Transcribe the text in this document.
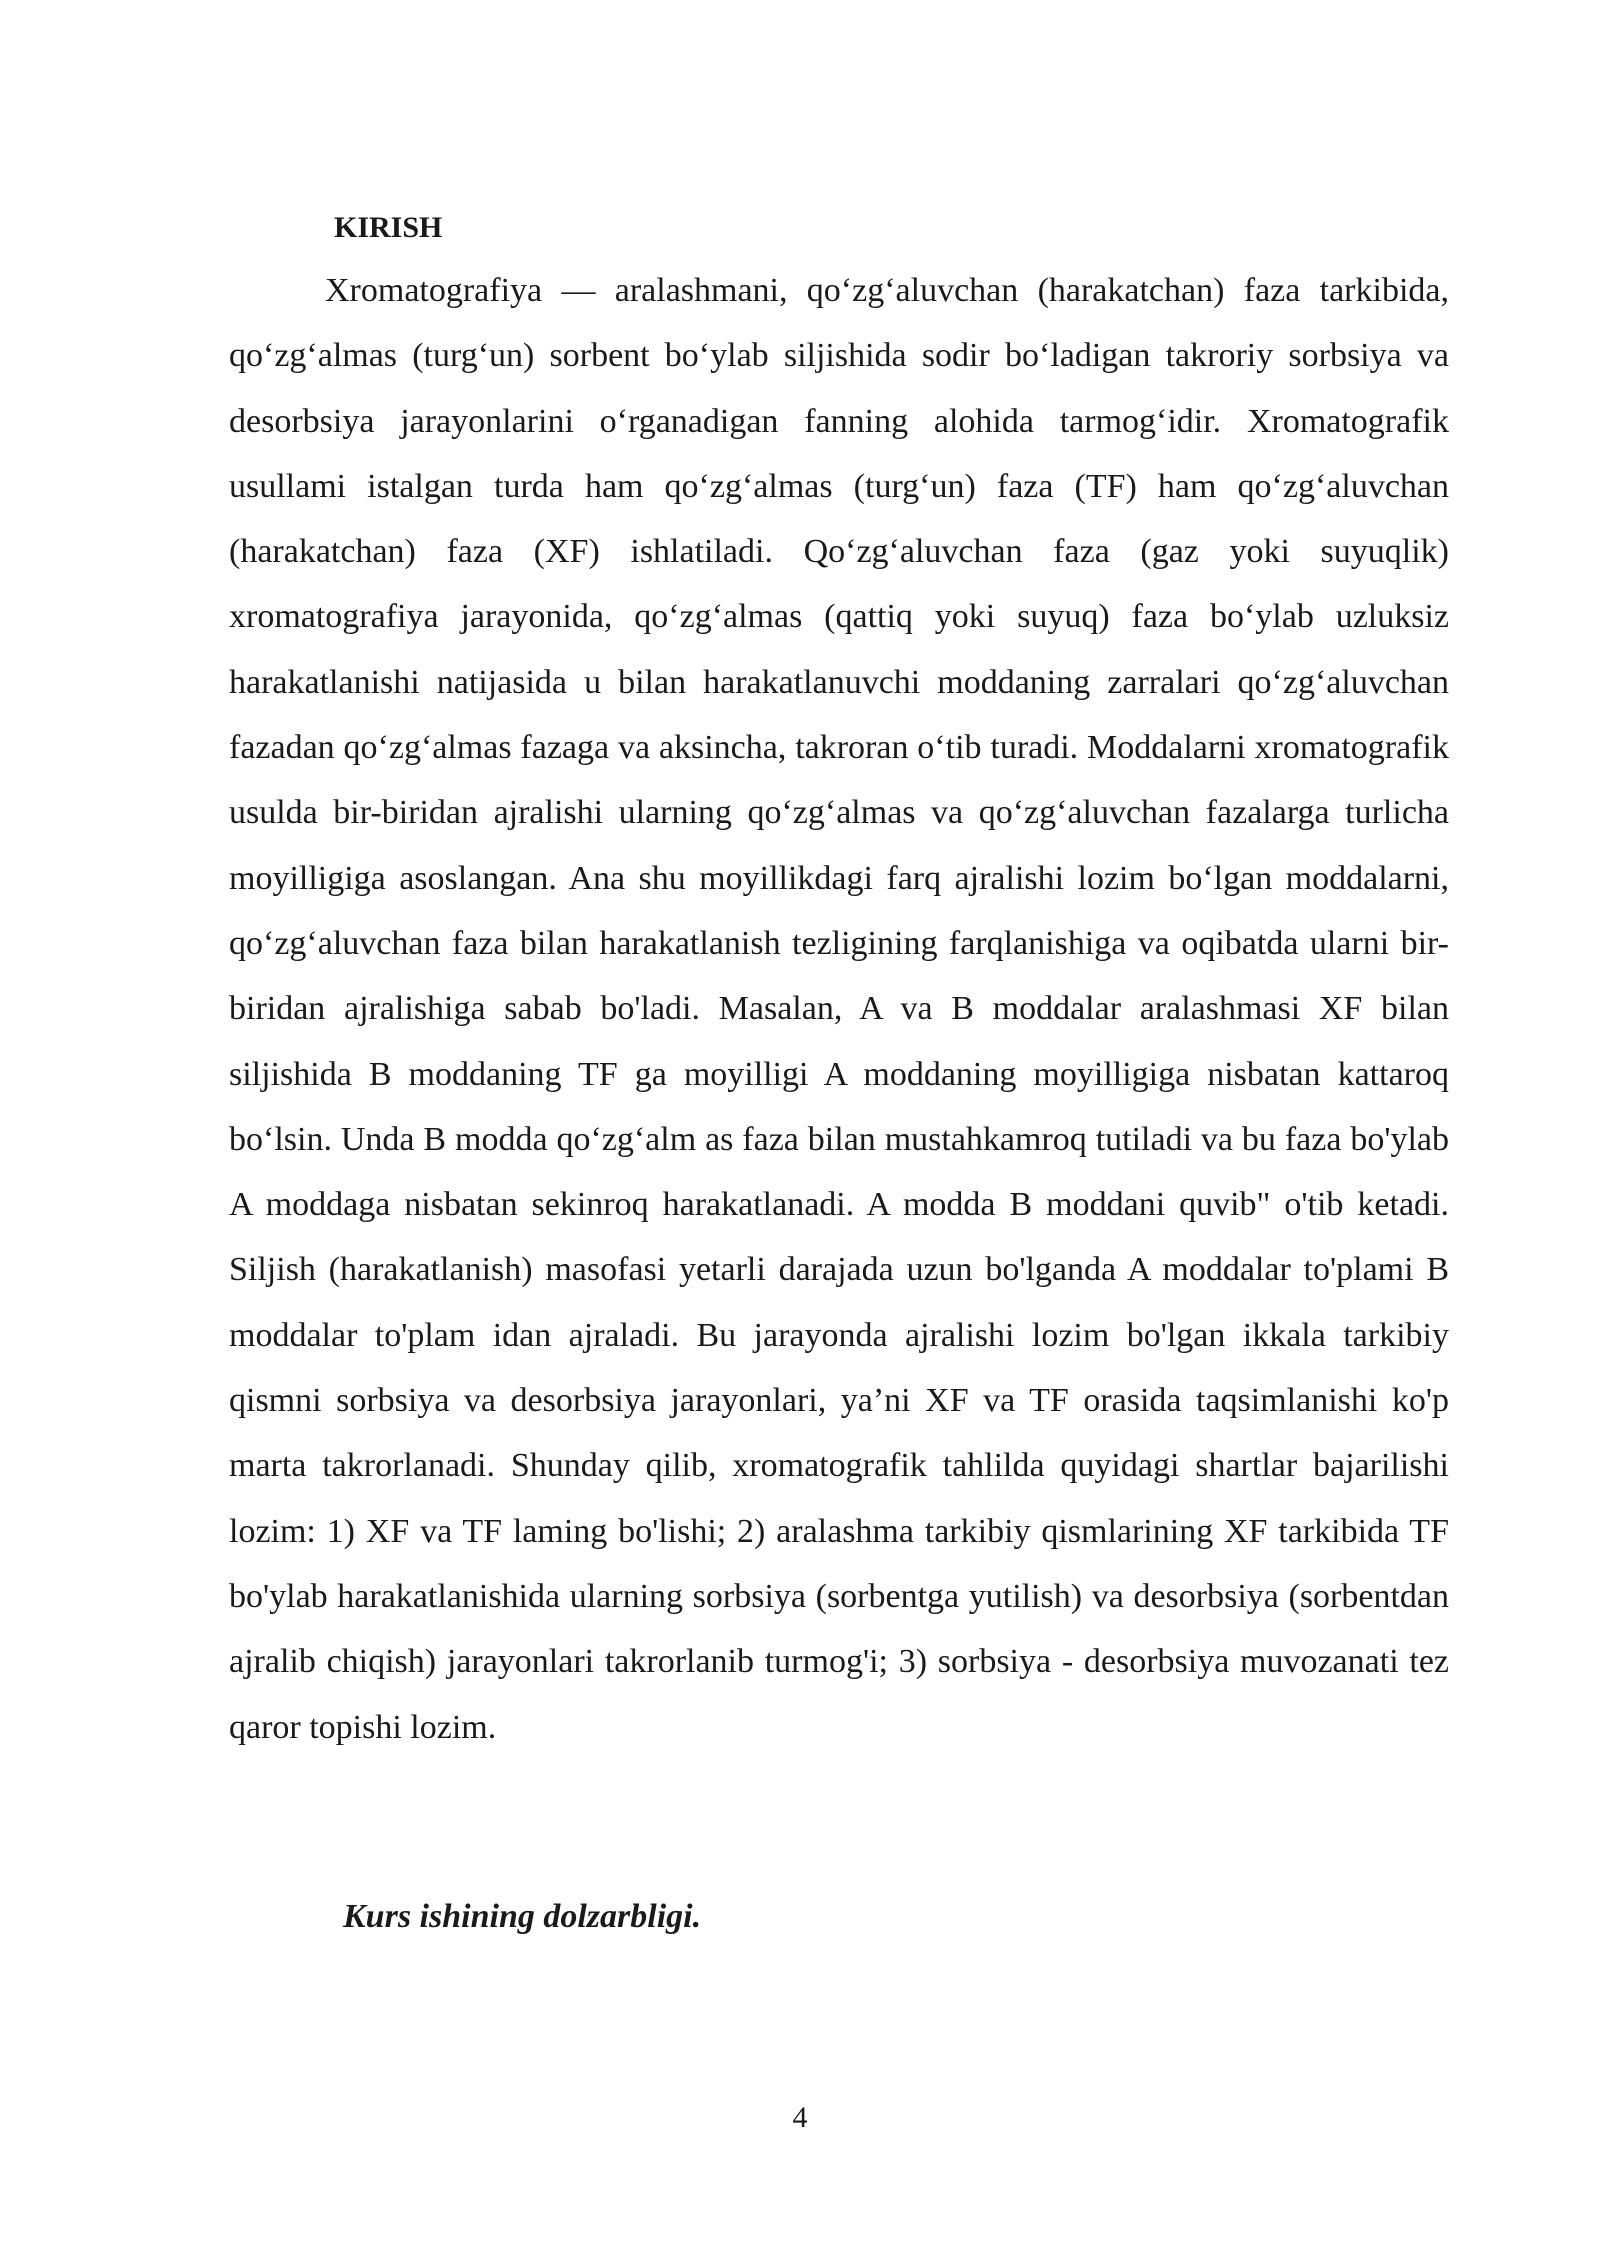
KIRISH

Xromatografiya — aralashmani, qo‘zg‘aluvchan (harakatchan) faza tarkibida, qo‘zg‘almas (turg‘un) sorbent bo‘ylab siljishida sodir bo‘ladigan takroriy sorbsiya va desorbsiya jarayonlarini o‘rganadigan fanning alohida tarmog‘idir. Xromatografik usullami istalgan turda ham qo‘zg‘almas (turg‘un) faza (TF) ham qo‘zg‘aluvchan (harakatchan) faza (XF) ishlatiladi. Qo‘zg‘aluvchan faza (gaz yoki suyuqlik) xromatografiya jarayonida, qo‘zg‘almas (qattiq yoki suyuq) faza bo‘ylab uzluksiz harakatlanishi natijasida u bilan harakatlanuvchi moddaning zarralari qo‘zg‘aluvchan fazadan qo‘zg‘almas fazaga va aksincha, takroran o‘tib turadi. Moddalarni xromatografik usulda bir-biridan ajralishi ularning qo‘zg‘almas va qo‘zg‘aluvchan fazalarga turlicha moyilligiga asoslangan. Ana shu moyillikdagi farq ajralishi lozim bo‘lgan moddalarni, qo‘zg‘aluvchan faza bilan harakatlanish tezligining farqlanishiga va oqibatda ularni bir-biridan ajralishiga sabab bo'ladi. Masalan, A va B moddalar aralashmasi XF bilan siljishida B moddaning TF ga moyilligi A moddaning moyilligiga nisbatan kattaroq bo‘lsin. Unda B modda qo‘zg‘alm as faza bilan mustahkamroq tutiladi va bu faza bo'ylab A moddaga nisbatan sekinroq harakatlanadi. A modda B moddani quvib" o'tib ketadi. Siljish (harakatlanish) masofasi yetarli darajada uzun bo'lganda A moddalar to'plami B moddalar to'plam idan ajraladi. Bu jarayonda ajralishi lozim bo'lgan ikkala tarkibiy qismni sorbsiya va desorbsiya jarayonlari, ya’ni XF va TF orasida taqsimlanishi ko'p marta takrorlanadi. Shunday qilib, xromatografik tahlilda quyidagi shartlar bajarilishi lozim: 1) XF va TF laming bo'lishi; 2) aralashma tarkibiy qismlarining XF tarkibida TF bo'ylab harakatlanishida ularning sorbsiya (sorbentga yutilish) va desorbsiya (sorbentdan ajralib chiqish) jarayonlari takrorlanib turmog'i; 3) sorbsiya - desorbsiya muvozanati tez qaror topishi lozim.

Kurs ishining dolzarbligi.

4
